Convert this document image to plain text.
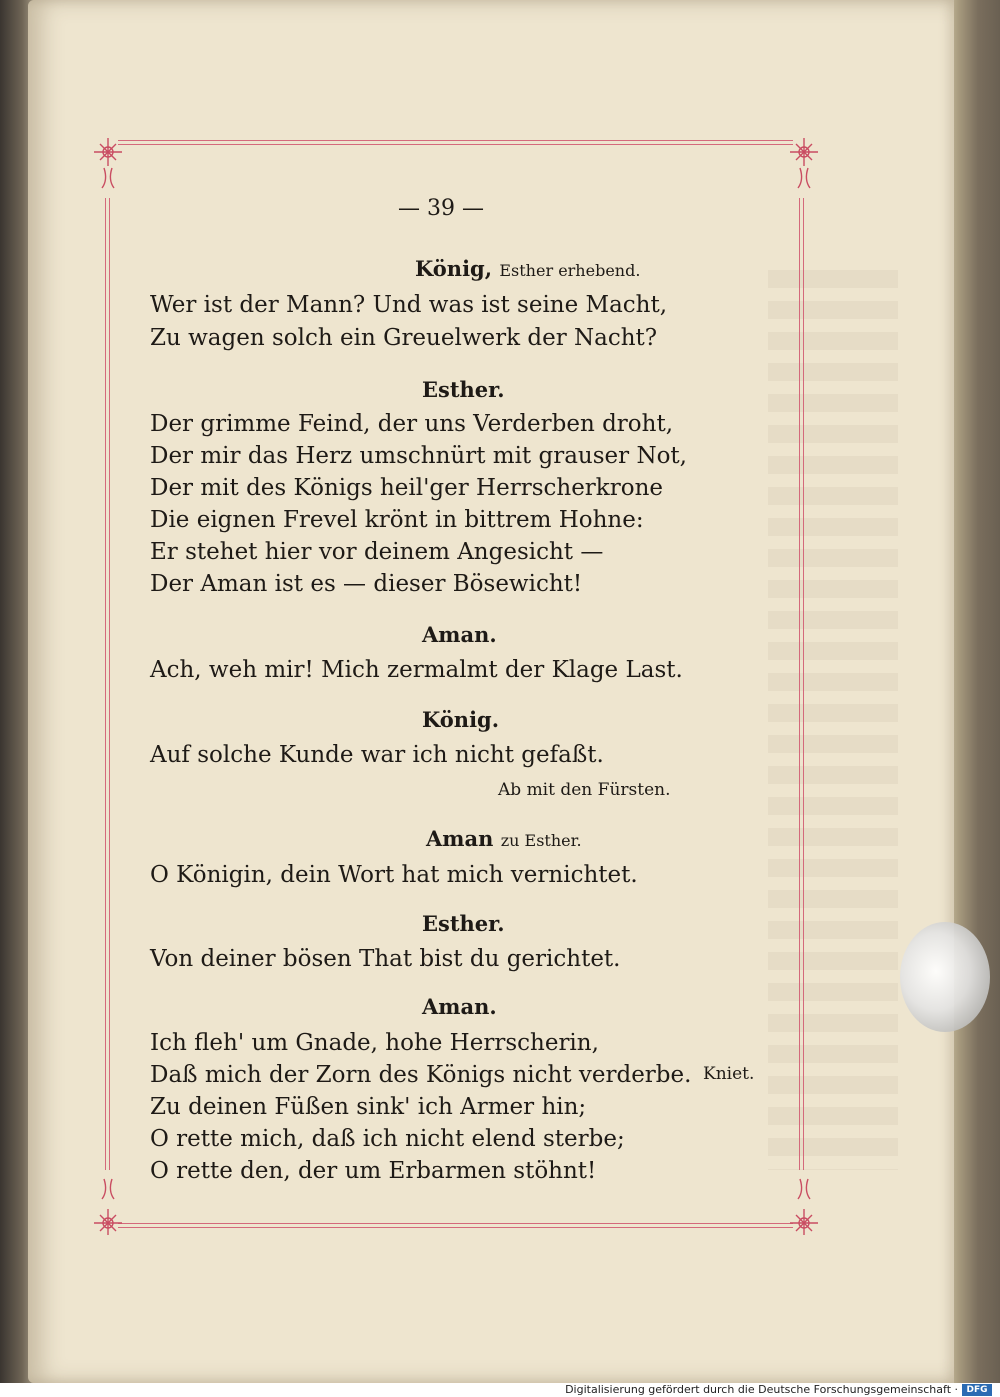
— 39 —
König, Esther erhebend.
Wer ist der Mann? Und was ist seine Macht,
Zu wagen solch ein Greuelwerk der Nacht?
Esther.
Der grimme Feind, der uns Verderben droht,
Der mir das Herz umschnürt mit grauser Not,
Der mit des Königs heil'ger Herrscherkrone
Die eignen Frevel krönt in bittrem Hohne:
Er stehet hier vor deinem Angesicht —
Der Aman ist es — dieser Bösewicht!
Aman.
Ach, weh mir! Mich zermalmt der Klage Last.
König.
Auf solche Kunde war ich nicht gefaßt.
Ab mit den Fürsten.
Aman zu Esther.
O Königin, dein Wort hat mich vernichtet.
Esther.
Von deiner bösen That bist du gerichtet.
Aman.
Ich fleh' um Gnade, hohe Herrscherin,
Daß mich der Zorn des Königs nicht verderbe. Kniet.
Zu deinen Füßen sink' ich Armer hin;
O rette mich, daß ich nicht elend sterbe;
O rette den, der um Erbarmen stöhnt!
Digitalisierung gefördert durch die Deutsche Forschungsgemeinschaft · DFG
